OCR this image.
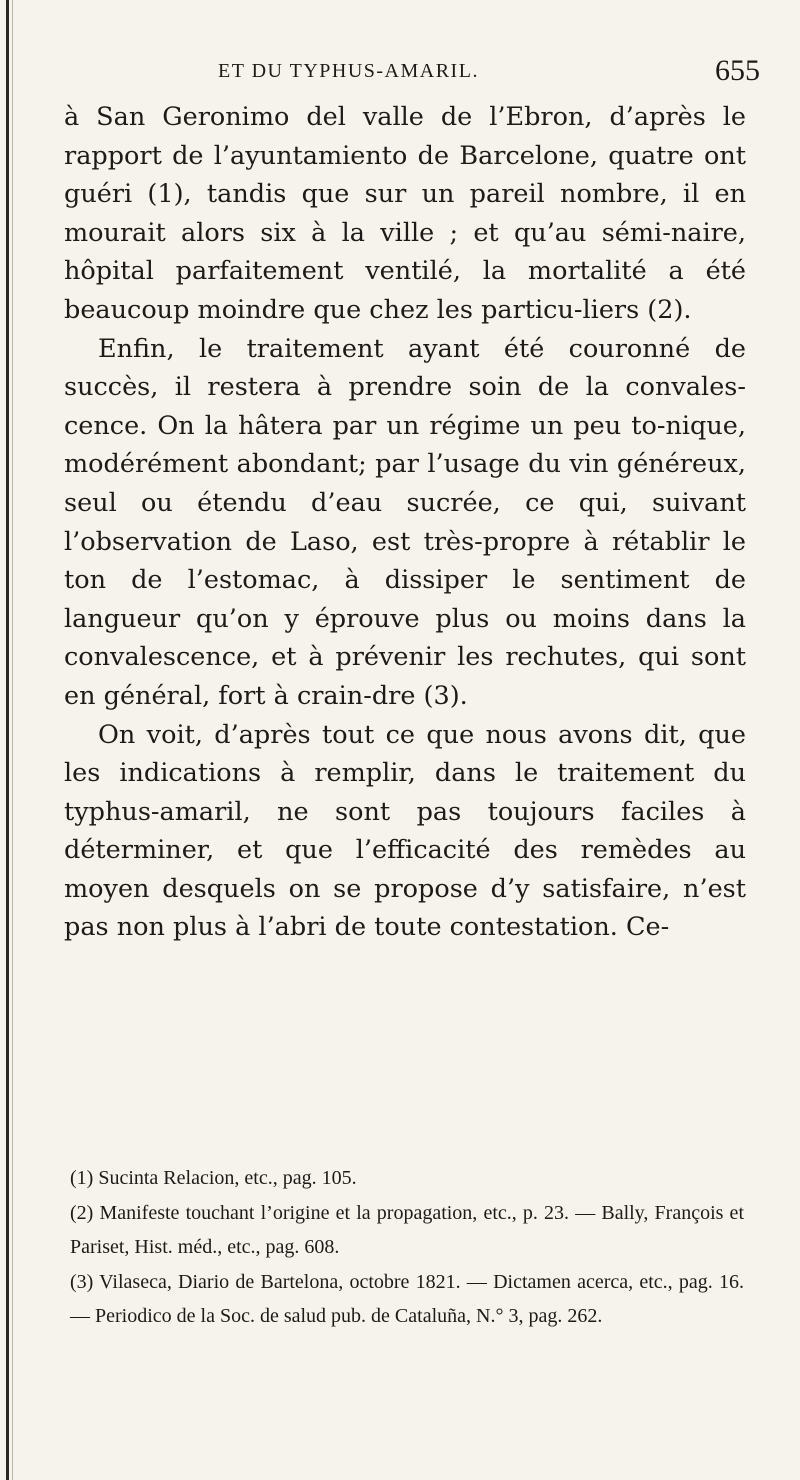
ET DU TYPHUS-AMARIL.	655

à San Geronimo del valle de l’Ebron, d’après le rapport de l’ayuntamiento de Barcelone, quatre ont guéri (1), tandis que sur un pareil nombre, il en mourait alors six à la ville ; et qu’au sémi-naire, hôpital parfaitement ventilé, la mortalité a été beaucoup moindre que chez les particu-liers (2).

Enfin, le traitement ayant été couronné de succès, il restera à prendre soin de la convales-cence. On la hâtera par un régime un peu to-nique, modérément abondant; par l’usage du vin généreux, seul ou étendu d’eau sucrée, ce qui, suivant l’observation de Laso, est très-propre à rétablir le ton de l’estomac, à dissiper le sentiment de langueur qu’on y éprouve plus ou moins dans la convalescence, et à prévenir les rechutes, qui sont en général, fort à crain-dre (3).

On voit, d’après tout ce que nous avons dit, que les indications à remplir, dans le traitement du typhus-amaril, ne sont pas toujours faciles à déterminer, et que l’efficacité des remèdes au moyen desquels on se propose d’y satisfaire, n’est pas non plus à l’abri de toute contestation. Ce-

(1) Sucinta Relacion, etc., pag. 105.

(2) Manifeste touchant l’origine et la propagation, etc., p. 23. — Bally, François et Pariset, Hist. méd., etc., pag. 608.

(3) Vilaseca, Diario de Bartelona, octobre 1821. — Dictamen acerca, etc., pag. 16. — Periodico de la Soc. de salud pub. de Cataluña, N.° 3, pag. 262.
